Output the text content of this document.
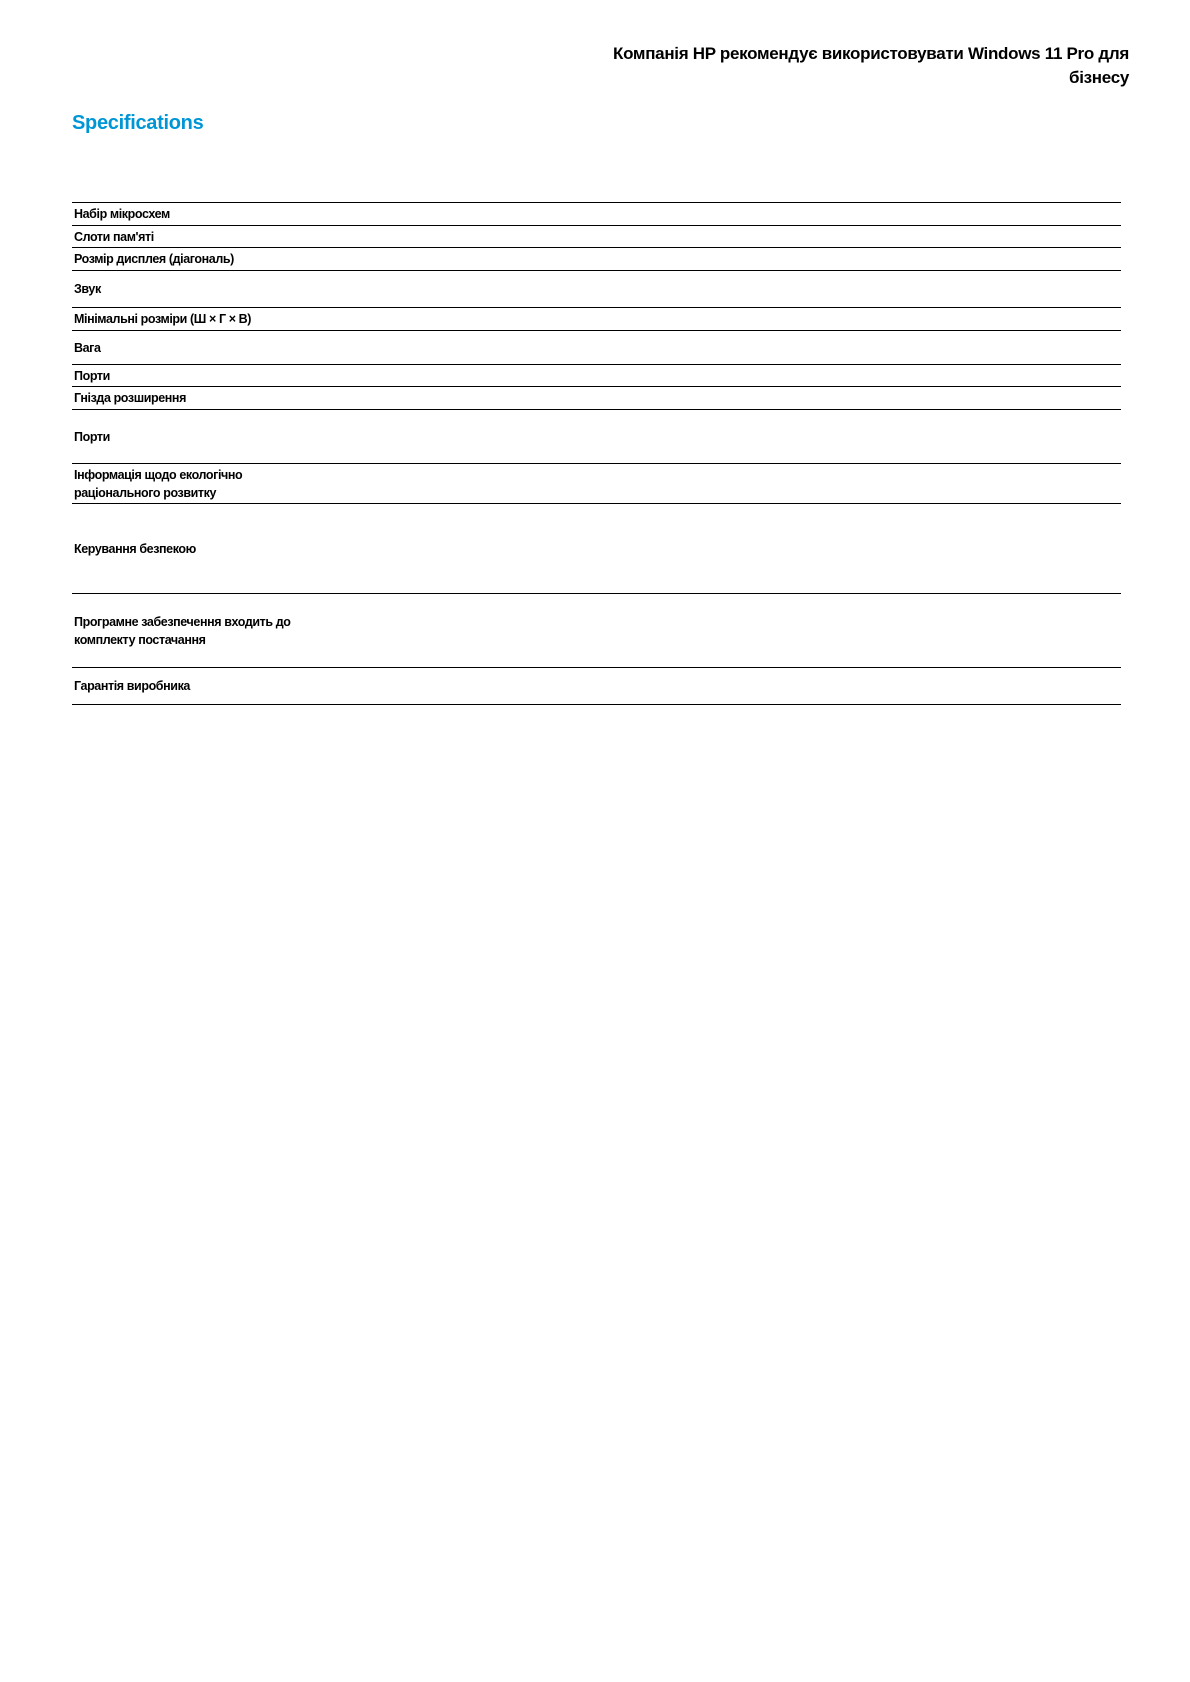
Компанія HP рекомендує використовувати Windows 11 Pro для бізнесу
Specifications
Набір мікросхем
Слоти пам'яті
Розмір дисплея (діагональ)
Звук
Мінімальні розміри (Ш × Г × В)
Вага
Порти
Гнізда розширення
Порти
Інформація щодо екологічно раціонального розвитку
Керування безпекою
Програмне забезпечення входить до комплекту постачання
Гарантія виробника
